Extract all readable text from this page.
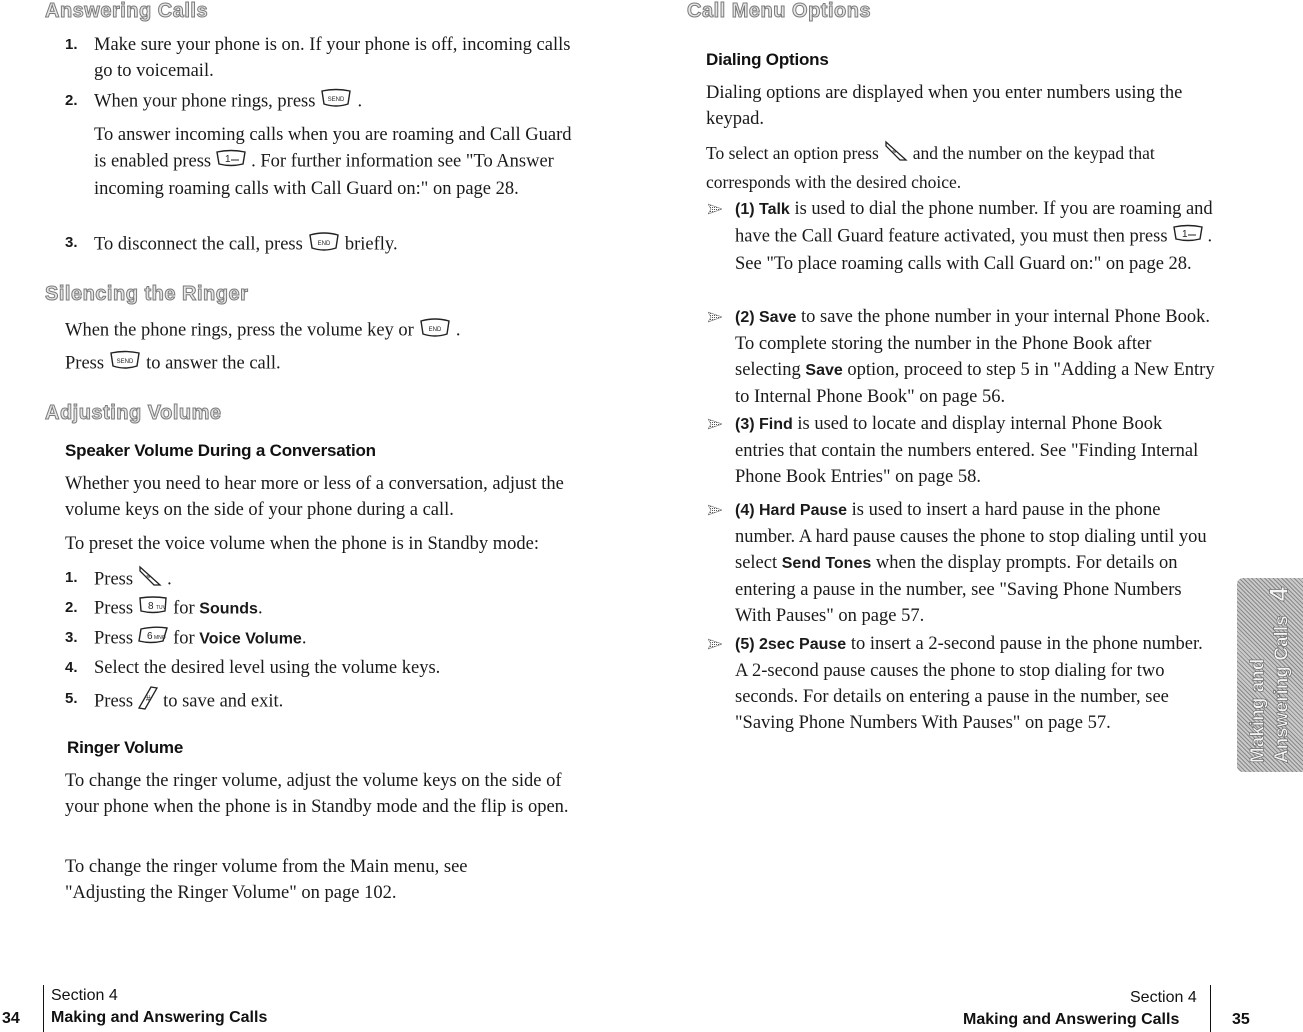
Answering Calls
1. Make sure your phone is on. If your phone is off, incoming calls go to voicemail.

2. When your phone rings, press SEND .

To answer incoming calls when you are roaming and Call Guard is enabled press 1 . For further information see "To Answer incoming roaming calls with Call Guard on:" on page 28.

3. To disconnect the call, press END briefly.

Silencing the Ringer

When the phone rings, press the volume key or END .

Press SEND to answer the call.

Adjusting Volume
Speaker Volume During a Conversation

Whether you need to hear more or less of a conversation, adjust the volume keys on the side of your phone during a call.

To preset the voice volume when the phone is in Standby mode:

1. Press ≡ .

2. Press 8 TUV for Sounds.

3. Press 6 MNO for Voice Volume.

4. Select the desired level using the volume keys.

5. Press # to save and exit.

Ringer Volume

To change the ringer volume, adjust the volume keys on the side of your phone when the phone is in Standby mode and the flip is open.

To change the ringer volume from the Main menu, see "Adjusting the Ringer Volume" on page 102.

34
Section 4
Making and Answering Calls
Call Menu Options
Dialing Options

Dialing options are displayed when you enter numbers using the keypad.

To select an option press ≡ and the number on the keypad that corresponds with the desired choice.

(1) Talk is used to dial the phone number. If you are roaming and have the Call Guard feature activated, you must then press 1 . See "To place roaming calls with Call Guard on:" on page 28.

(2) Save to save the phone number in your internal Phone Book. To complete storing the number in the Phone Book after selecting Save option, proceed to step 5 in "Adding a New Entry to Internal Phone Book" on page 56.

(3) Find is used to locate and display internal Phone Book entries that contain the numbers entered. See "Finding Internal Phone Book Entries" on page 58.

(4) Hard Pause is used to insert a hard pause in the phone number. A hard pause causes the phone to stop dialing until you select Send Tones when the display prompts. For details on entering a pause in the number, see "Saving Phone Numbers With Pauses" on page 57.

(5) 2sec Pause to insert a 2-second pause in the phone number. A 2-second pause causes the phone to stop dialing for two seconds. For details on entering a pause in the number, see "Saving Phone Numbers With Pauses" on page 57.

Section 4
Making and Answering Calls	35
Making and Answering Calls4
